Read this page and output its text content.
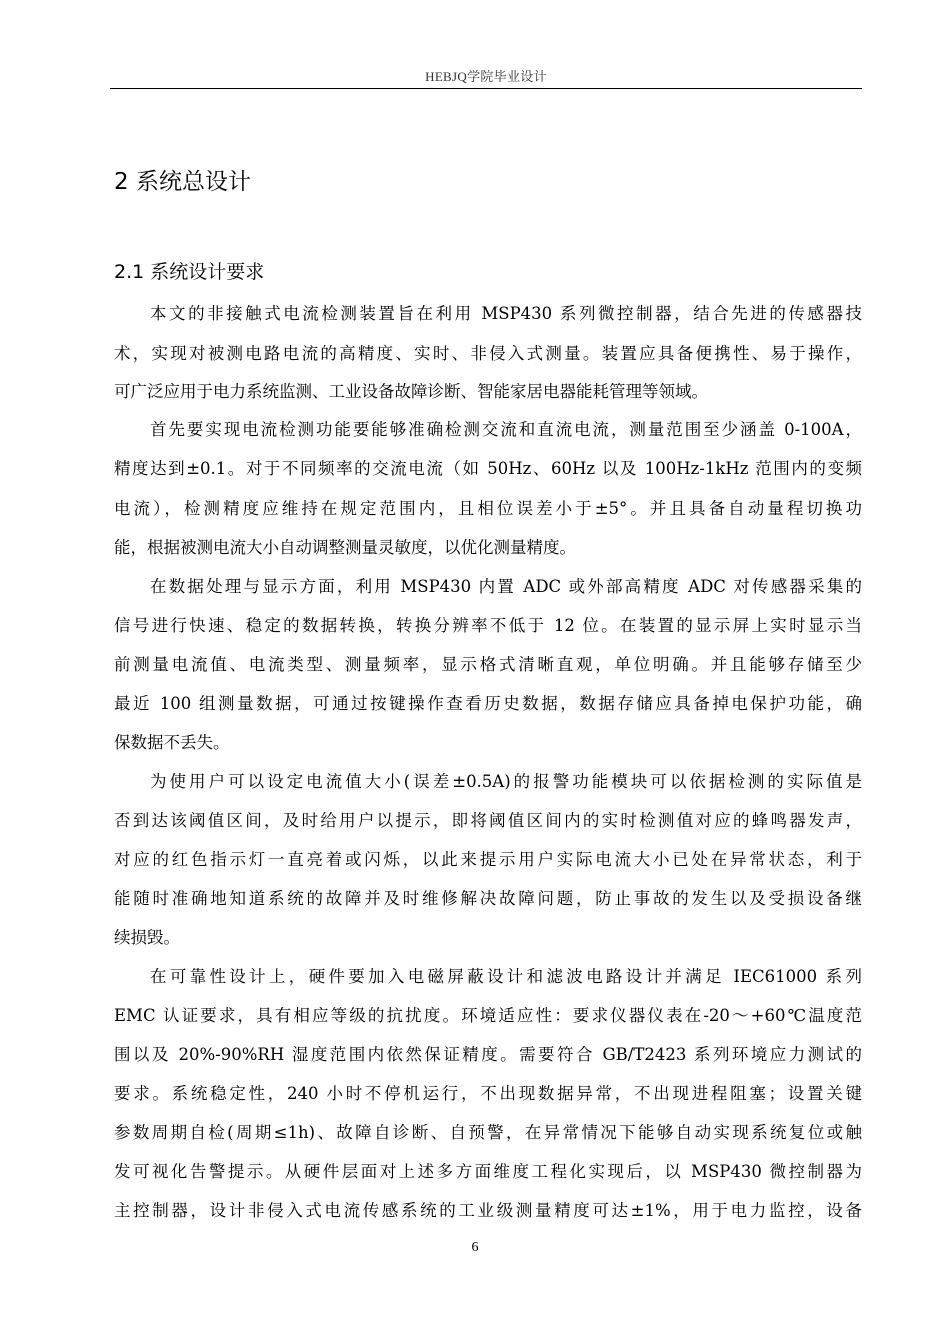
HEBJQ学院毕业设计
2 系统总设计
2.1 系统设计要求
本文的非接触式电流检测装置旨在利用 MSP430 系列微控制器，结合先进的传感器技
术，实现对被测电路电流的高精度、实时、非侵入式测量。装置应具备便携性、易于操作，
可广泛应用于电力系统监测、工业设备故障诊断、智能家居电器能耗管理等领域。
首先要实现电流检测功能要能够准确检测交流和直流电流，测量范围至少涵盖 0-100A，
精度达到±0.1。对于不同频率的交流电流（如 50Hz、60Hz 以及 100Hz-1kHz 范围内的变频
电流），检测精度应维持在规定范围内，且相位误差小于±5°。并且具备自动量程切换功
能，根据被测电流大小自动调整测量灵敏度，以优化测量精度。
在数据处理与显示方面，利用 MSP430 内置 ADC 或外部高精度 ADC 对传感器采集的
信号进行快速、稳定的数据转换，转换分辨率不低于 12 位。在装置的显示屏上实时显示当
前测量电流值、电流类型、测量频率，显示格式清晰直观，单位明确。并且能够存储至少
最近 100 组测量数据，可通过按键操作查看历史数据，数据存储应具备掉电保护功能，确
保数据不丢失。
为使用户可以设定电流值大小(误差±0.5A)的报警功能模块可以依据检测的实际值是
否到达该阈值区间，及时给用户以提示，即将阈值区间内的实时检测值对应的蜂鸣器发声，
对应的红色指示灯一直亮着或闪烁，以此来提示用户实际电流大小已处在异常状态，利于
能随时准确地知道系统的故障并及时维修解决故障问题，防止事故的发生以及受损设备继
续损毁。
在可靠性设计上，硬件要加入电磁屏蔽设计和滤波电路设计并满足 IEC61000 系列
EMC 认证要求，具有相应等级的抗扰度。环境适应性：要求仪器仪表在-20～+60℃温度范
围以及 20%-90%RH 湿度范围内依然保证精度。需要符合 GB/T2423 系列环境应力测试的
要求。系统稳定性，240 小时不停机运行，不出现数据异常，不出现进程阻塞；设置关键
参数周期自检(周期≤1h)、故障自诊断、自预警，在异常情况下能够自动实现系统复位或触
发可视化告警提示。从硬件层面对上述多方面维度工程化实现后，以 MSP430 微控制器为
主控制器，设计非侵入式电流传感系统的工业级测量精度可达±1%，用于电力监控，设备
6
